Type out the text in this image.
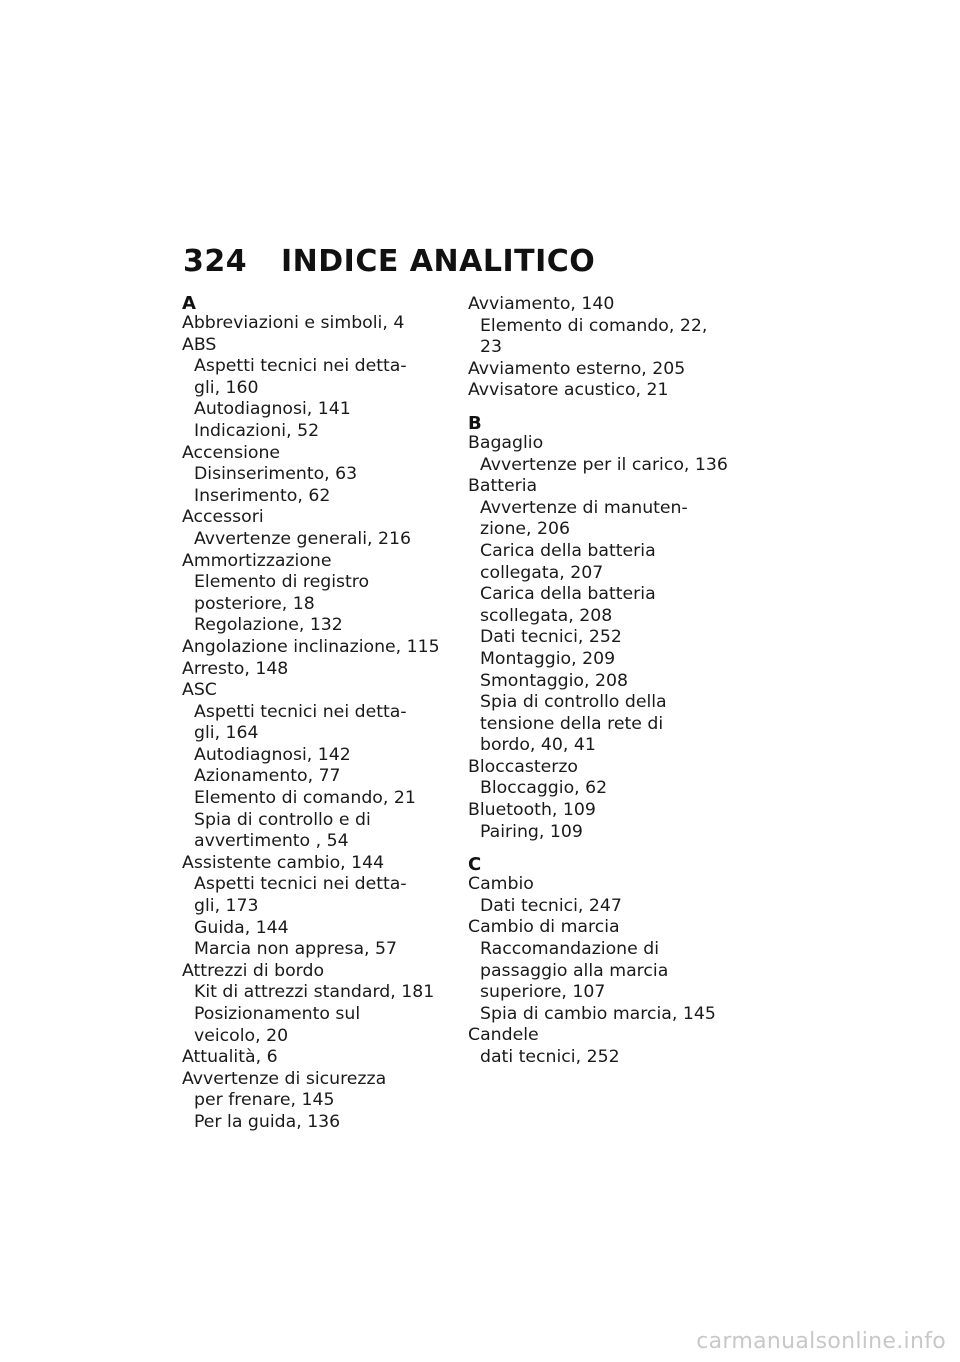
324	INDICE ANALITICO
A
Abbreviazioni e simboli, 4
ABS
Aspetti tecnici nei detta-
gli, 160
Autodiagnosi, 141
Indicazioni, 52
Accensione
Disinserimento, 63
Inserimento, 62
Accessori
Avvertenze generali, 216
Ammortizzazione
Elemento di registro
posteriore, 18
Regolazione, 132
Angolazione inclinazione, 115
Arresto, 148
ASC
Aspetti tecnici nei detta-
gli, 164
Autodiagnosi, 142
Azionamento, 77
Elemento di comando, 21
Spia di controllo e di
avvertimento , 54
Assistente cambio, 144
Aspetti tecnici nei detta-
gli, 173
Guida, 144
Marcia non appresa, 57
Attrezzi di bordo
Kit di attrezzi standard, 181
Posizionamento sul
veicolo, 20
Attualità, 6
Avvertenze di sicurezza
per frenare, 145
Per la guida, 136
Avviamento, 140
Elemento di comando, 22, 23
Avviamento esterno, 205
Avvisatore acustico, 21
B
Bagaglio
Avvertenze per il carico, 136
Batteria
Avvertenze di manuten-
zione, 206
Carica della batteria
collegata, 207
Carica della batteria
scollegata, 208
Dati tecnici, 252
Montaggio, 209
Smontaggio, 208
Spia di controllo della
tensione della rete di
bordo, 40, 41
Bloccasterzo
Bloccaggio, 62
Bluetooth, 109
Pairing, 109
C
Cambio
Dati tecnici, 247
Cambio di marcia
Raccomandazione di
passaggio alla marcia
superiore, 107
Spia di cambio marcia, 145
Candele
dati tecnici, 252
carmanualsonline.info
